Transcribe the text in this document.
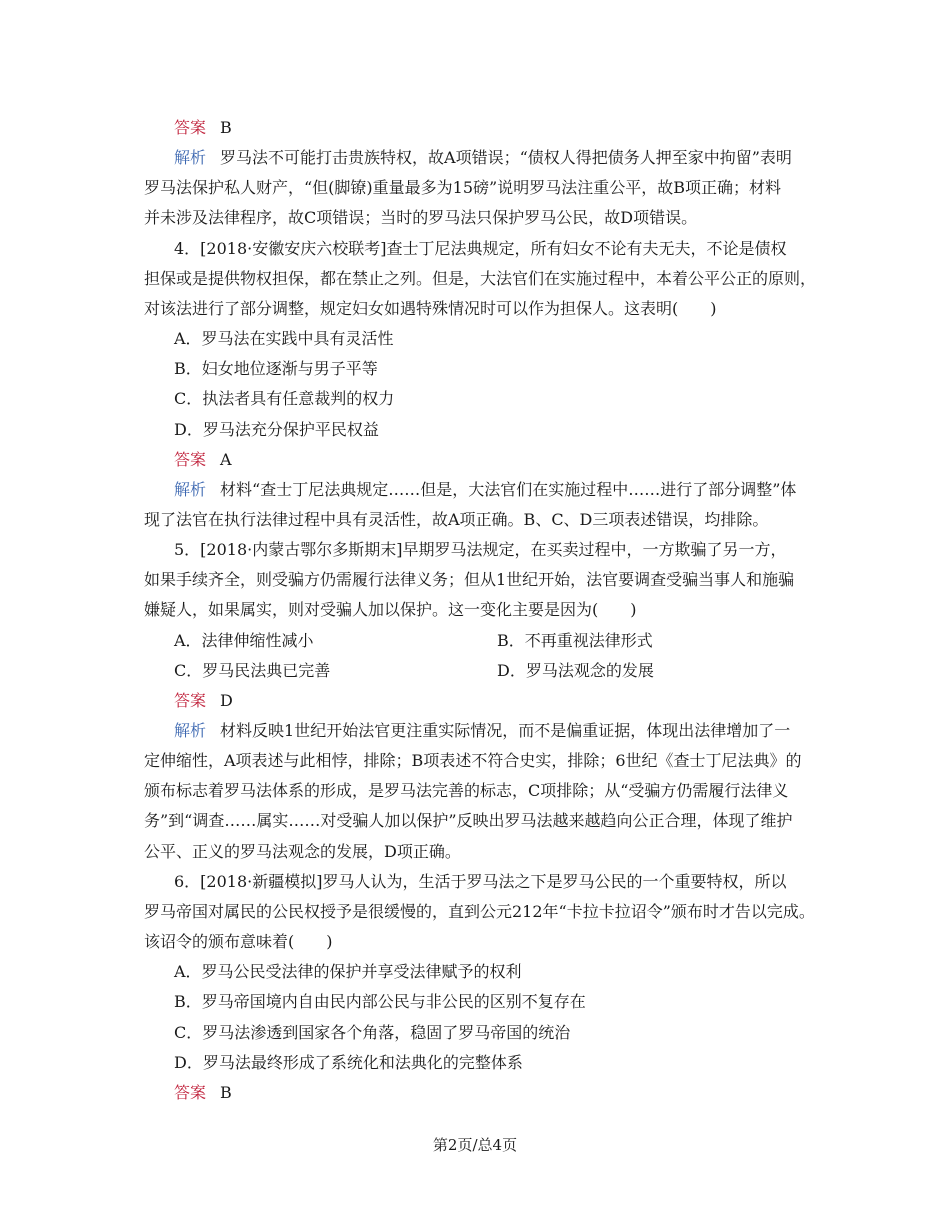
答案 B
解析 罗马法不可能打击贵族特权，故A项错误；“债权人得把债务人押至家中拘留”表明
罗马法保护私人财产，“但(脚镣)重量最多为15磅”说明罗马法注重公平，故B项正确；材料
并未涉及法律程序，故C项错误；当时的罗马法只保护罗马公民，故D项错误。
4．[2018·安徽安庆六校联考]查士丁尼法典规定，所有妇女不论有夫无夫，不论是债权
担保或是提供物权担保，都在禁止之列。但是，大法官们在实施过程中，本着公平公正的原则，
对该法进行了部分调整，规定妇女如遇特殊情况时可以作为担保人。这表明(　　)
A．罗马法在实践中具有灵活性
B．妇女地位逐渐与男子平等
C．执法者具有任意裁判的权力
D．罗马法充分保护平民权益
答案 A
解析 材料“查士丁尼法典规定……但是，大法官们在实施过程中……进行了部分调整”体
现了法官在执行法律过程中具有灵活性，故A项正确。B、C、D三项表述错误，均排除。
5．[2018·内蒙古鄂尔多斯期末]早期罗马法规定，在买卖过程中，一方欺骗了另一方，
如果手续齐全，则受骗方仍需履行法律义务；但从1世纪开始，法官要调查受骗当事人和施骗
嫌疑人，如果属实，则对受骗人加以保护。这一变化主要是因为(　　)
A．法律伸缩性减小	B．不再重视法律形式
C．罗马民法典已完善	D．罗马法观念的发展
答案 D
解析 材料反映1世纪开始法官更注重实际情况，而不是偏重证据，体现出法律增加了一
定伸缩性，A项表述与此相悖，排除；B项表述不符合史实，排除；6世纪《查士丁尼法典》的
颁布标志着罗马法体系的形成，是罗马法完善的标志，C项排除；从“受骗方仍需履行法律义
务”到“调查……属实……对受骗人加以保护”反映出罗马法越来越趋向公正合理，体现了维护
公平、正义的罗马法观念的发展，D项正确。
6．[2018·新疆模拟]罗马人认为，生活于罗马法之下是罗马公民的一个重要特权，所以
罗马帝国对属民的公民权授予是很缓慢的，直到公元212年“卡拉卡拉诏令”颁布时才告以完成。
该诏令的颁布意味着(　　)
A．罗马公民受法律的保护并享受法律赋予的权利
B．罗马帝国境内自由民内部公民与非公民的区别不复存在
C．罗马法渗透到国家各个角落，稳固了罗马帝国的统治
D．罗马法最终形成了系统化和法典化的完整体系
答案 B
第2页/总4页
